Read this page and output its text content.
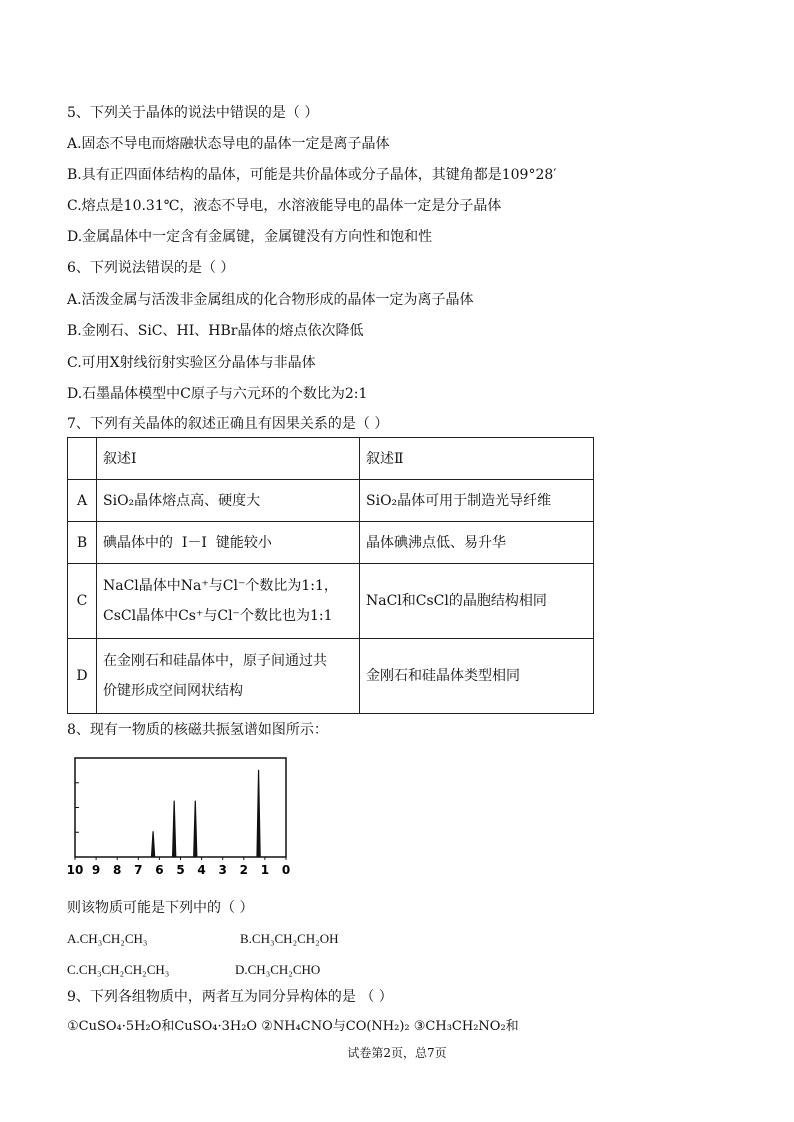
5、下列关于晶体的说法中错误的是（ ）
A.固态不导电而熔融状态导电的晶体一定是离子晶体
B.具有正四面体结构的晶体，可能是共价晶体或分子晶体，其键角都是109°28′
C.熔点是10.31℃，液态不导电，水溶液能导电的晶体一定是分子晶体
D.金属晶体中一定含有金属键，金属键没有方向性和饱和性
6、下列说法错误的是（ ）
A.活泼金属与活泼非金属组成的化合物形成的晶体一定为离子晶体
B.金刚石、SiC、HI、HBr晶体的熔点依次降低
C.可用X射线衍射实验区分晶体与非晶体
D.石墨晶体模型中C原子与六元环的个数比为2:1
7、下列有关晶体的叙述正确且有因果关系的是（ ）
	叙述Ⅰ	叙述Ⅱ
A	SiO₂晶体熔点高、硬度大	SiO₂晶体可用于制造光导纤维
B	碘晶体中的  I－I  键能较小	晶体碘沸点低、易升华
C	NaCl晶体中Na⁺与Cl⁻个数比为1:1，
CsCl晶体中Cs⁺与Cl⁻个数比也为1:1	NaCl和CsCl的晶胞结构相同
D	在金刚石和硅晶体中，原子间通过共
价键形成空间网状结构	金刚石和硅晶体类型相同
8、现有一物质的核磁共振氢谱如图所示：
10 9 8 7 6 5 4 3 2 1 0
则该物质可能是下列中的（ ）
A.CH₃CH₂CH₃	B.CH₃CH₂CH₂OH
C.CH₃CH₂CH₂CH₃	D.CH₃CH₂CHO
9、下列各组物质中，两者互为同分异构体的是 （ ）
①CuSO₄·5H₂O和CuSO₄·3H₂O ②NH₄CNO与CO(NH₂)₂ ③CH₃CH₂NO₂和
试卷第2页，总7页
